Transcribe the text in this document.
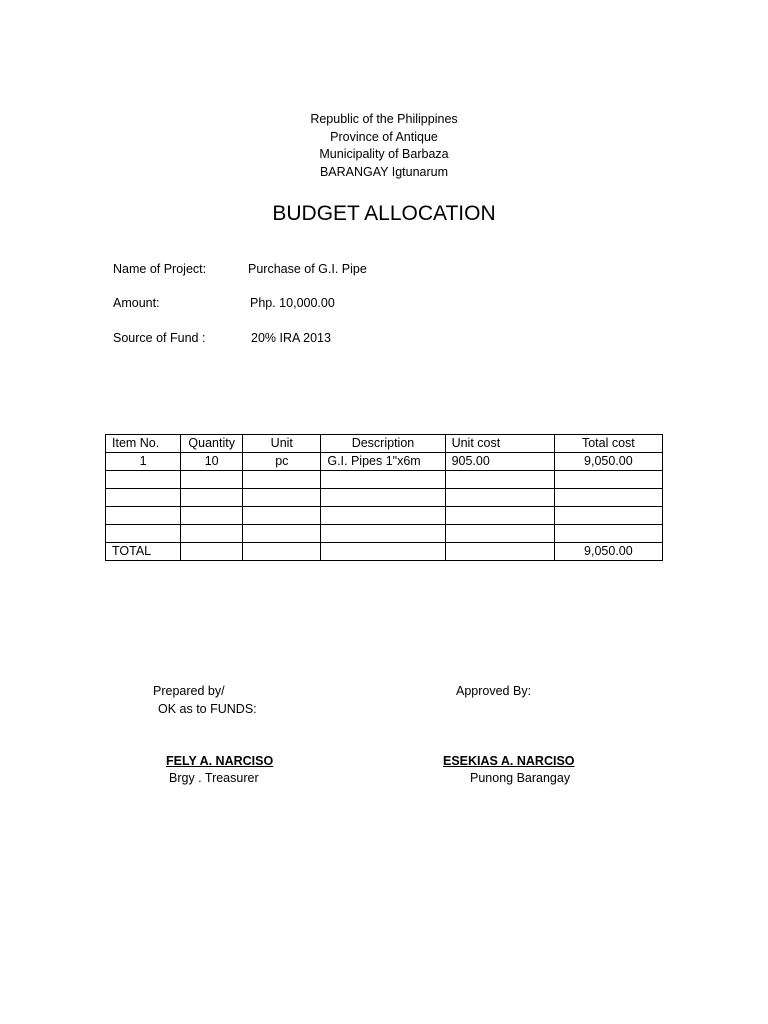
Republic of the Philippines
Province of Antique
Municipality of Barbaza
BARANGAY Igtunarum
BUDGET ALLOCATION
Name of Project:	Purchase of G.I. Pipe
Amount:	Php. 10,000.00
Source of Fund :	20% IRA 2013
Item No.	Quantity	Unit	Description	Unit cost	Total cost
1	10	pc	G.I. Pipes 1"x6m	905.00	9,050.00

TOTAL					9,050.00
Prepared by/
OK as to FUNDS:
Approved By:
FELY A. NARCISO
Brgy . Treasurer
ESEKIAS A. NARCISO
Punong Barangay
